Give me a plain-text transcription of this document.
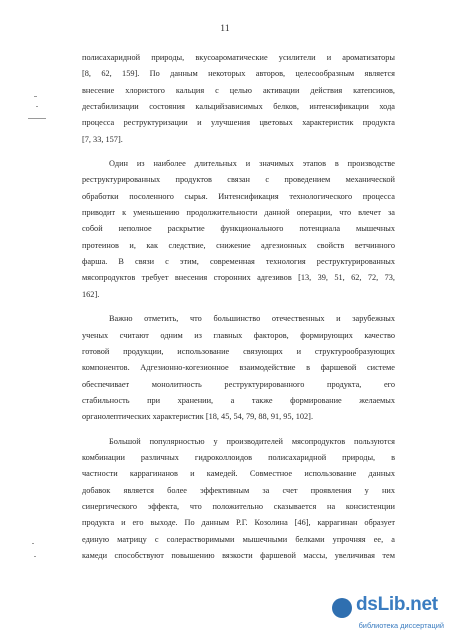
11
полисахаридной природы, вкусоароматические усилители и ароматизаторы
[8, 62, 159]. По данным некоторых авторов, целесообразным является
внесение хлористого кальция с целью активации действия катепсинов,
дестабилизации состояния кальцийзависимых белков, интенсификации хода
процесса реструктуризации и улучшения цветовых характеристик продукта
[7, 33, 157].
Один из наиболее длительных и значимых этапов в производстве
реструктурированных продуктов связан с проведением механической
обработки посоленного сырья. Интенсификация технологического процесса
приводит к уменьшению продолжительности данной операции, что влечет за
собой неполное раскрытие функционального потенциала мышечных
протеинов и, как следствие, снижение адгезионных свойств ветчинного
фарша. В связи с этим, современная технология реструктурированных
мясопродуктов требует внесения сторонних адгезивов [13, 39, 51, 62, 72, 73,
162].
Важно отметить, что большинство отечественных и зарубежных
ученых считают одним из главных факторов, формирующих качество
готовой продукции, использование связующих и структурообразующих
компонентов. Адгезионно-когезионное взаимодействие в фаршевой системе
обеспечивает монолитность реструктурированного продукта, его
стабильность при хранении, а также формирование желаемых
органолептических характеристик [18, 45, 54, 79, 88, 91, 95, 102].
Большой популярностью у производителей мясопродуктов пользуются
комбинации различных гидроколлоидов полисахаридной природы, в
частности каррагинанов и камедей. Совместное использование данных
добавок является более эффективным за счет проявления у них
синергического эффекта, что положительно сказывается на консистенции
продукта и его выходе. По данным Р.Г. Козолина [46], каррагинан образует
единую матрицу с солерастворимыми мышечными белками упрочняя ее, а
камеди способствуют повышению вязкости фаршевой массы, увеличивая тем
dsLib.net
библиотека диссертаций
